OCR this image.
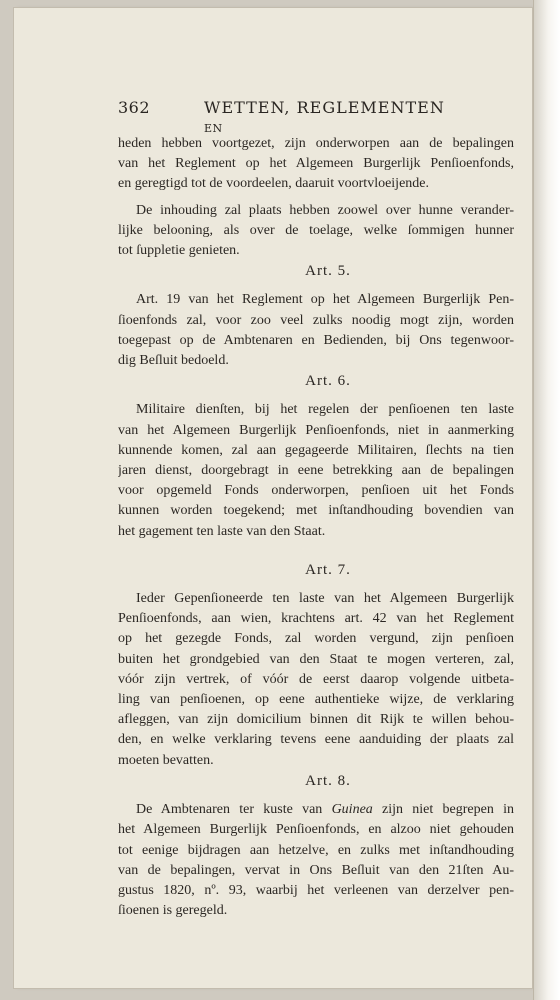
362	WETTEN, REGLEMENTEN EN
heden hebben voortgezet, zijn onderworpen aan de bepalingen
van het Reglement op het Algemeen Burgerlijk Penſioenfonds,
en geregtigd tot de voordeelen, daaruit voortvloeijende.
De inhouding zal plaats hebben zoowel over hunne verander-
lijke belooning, als over de toelage, welke ſommigen hunner
tot ſuppletie genieten.
Art. 5.
Art. 19 van het Reglement op het Algemeen Burgerlijk Pen-
ſioenfonds zal, voor zoo veel zulks noodig mogt zijn, worden
toegepast op de Ambtenaren en Bedienden, bij Ons tegenwoor-
dig Beſluit bedoeld.
Art. 6.
Militaire dienſten, bij het regelen der penſioenen ten laste
van het Algemeen Burgerlijk Penſioenfonds, niet in aanmerking
kunnende komen, zal aan gegageerde Militairen, ſlechts na tien
jaren dienst, doorgebragt in eene betrekking aan de bepalingen
voor opgemeld Fonds onderworpen, penſioen uit het Fonds
kunnen worden toegekend; met inſtandhouding bovendien van
het gagement ten laste van den Staat.
Art. 7.
Ieder Gepenſioneerde ten laste van het Algemeen Burgerlijk
Penſioenfonds, aan wien, krachtens art. 42 van het Reglement
op het gezegde Fonds, zal worden vergund, zijn penſioen
buiten het grondgebied van den Staat te mogen verteren, zal,
vóór zijn vertrek, of vóór de eerst daarop volgende uitbeta-
ling van penſioenen, op eene authentieke wijze, de verklaring
afleggen, van zijn domicilium binnen dit Rijk te willen behou-
den, en welke verklaring tevens eene aanduiding der plaats zal
moeten bevatten.
Art. 8.
De Ambtenaren ter kuste van Guinea zijn niet begrepen in
het Algemeen Burgerlijk Penſioenfonds, en alzoo niet gehouden
tot eenige bijdragen aan hetzelve, en zulks met inſtandhouding
van de bepalingen, vervat in Ons Beſluit van den 21ſten Au-
gustus 1820, nº. 93, waarbij het verleenen van derzelver pen-
ſioenen is geregeld.
